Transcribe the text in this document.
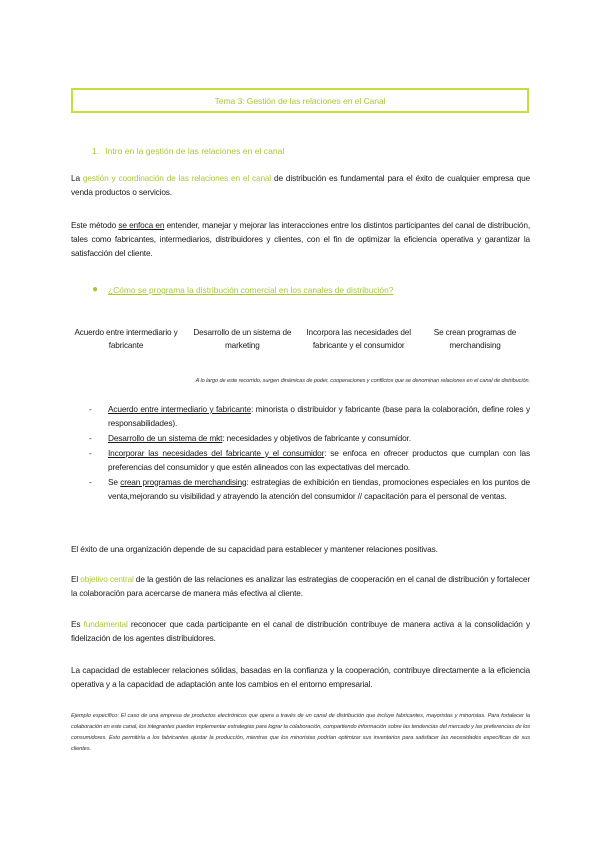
Tema 3: Gestión de las relaciones en el Canal
1. Intro en la gestión de las relaciones en el canal

La gestión y coordinación de las relaciones en el canal de distribución es fundamental para el éxito de cualquier empresa que venda productos o servicios.

Este método se enfoca en entender, manejar y mejorar las interacciones entre los distintos participantes del canal de distribución, tales como fabricantes, intermediarios, distribuidores y clientes, con el fin de optimizar la eficiencia operativa y garantizar la satisfacción del cliente.

● ¿Cómo se programa la distribución comercial en los canales de distribución?
Acuerdo entre intermediario y fabricante
Desarrollo de un sistema de marketing
Incorpora las necesidades del fabricante y el consumidor
Se crean programas de merchandising
A lo largo de este recorrido, surgen dinámicas de poder, cooperaciones y conflictos que se denominan relaciones en el canal de distribución.
- Acuerdo entre intermediario y fabricante: minorista o distribuidor y fabricante (base para la colaboración, define roles y responsabilidades).
- Desarrollo de un sistema de mkt: necesidades y objetivos de fabricante y consumidor.
- Incorporar las necesidades del fabricante y el consumidor: se enfoca en ofrecer productos que cumplan con las preferencias del consumidor y que estén alineados con las expectativas del mercado.
- Se crean programas de merchandising: estrategias de exhibición en tiendas, promociones especiales en los puntos de venta,mejorando su visibilidad y atrayendo la atención del consumidor // capacitación para el personal de ventas.

El éxito de una organización depende de su capacidad para establecer y mantener relaciones positivas.

El objetivo central de la gestión de las relaciones es analizar las estrategias de cooperación en el canal de distribución y fortalecer la colaboración para acercarse de manera más efectiva al cliente.

Es fundamental reconocer que cada participante en el canal de distribución contribuye de manera activa a la consolidación y fidelización de los agentes distribuidores.

La capacidad de establecer relaciones sólidas, basadas en la confianza y la cooperación, contribuye directamente a la eficiencia operativa y a la capacidad de adaptación ante los cambios en el entorno empresarial.

Ejemplo específico: El caso de una empresa de productos electrónicos que opera a través de un canal de distribución que incluye fabricantes, mayoristas y minoristas. Para fortalecer la colaboración en este canal, los integrantes pueden implementar estrategias para lograr la colaboración, compartiendo información sobre las tendencias del mercado y las preferencias de los consumidores. Esto permitiría a los fabricantes ajustar la producción, mientras que los minoristas podrían optimizar sus inventarios para satisfacer las necesidades específicas de sus clientes.
